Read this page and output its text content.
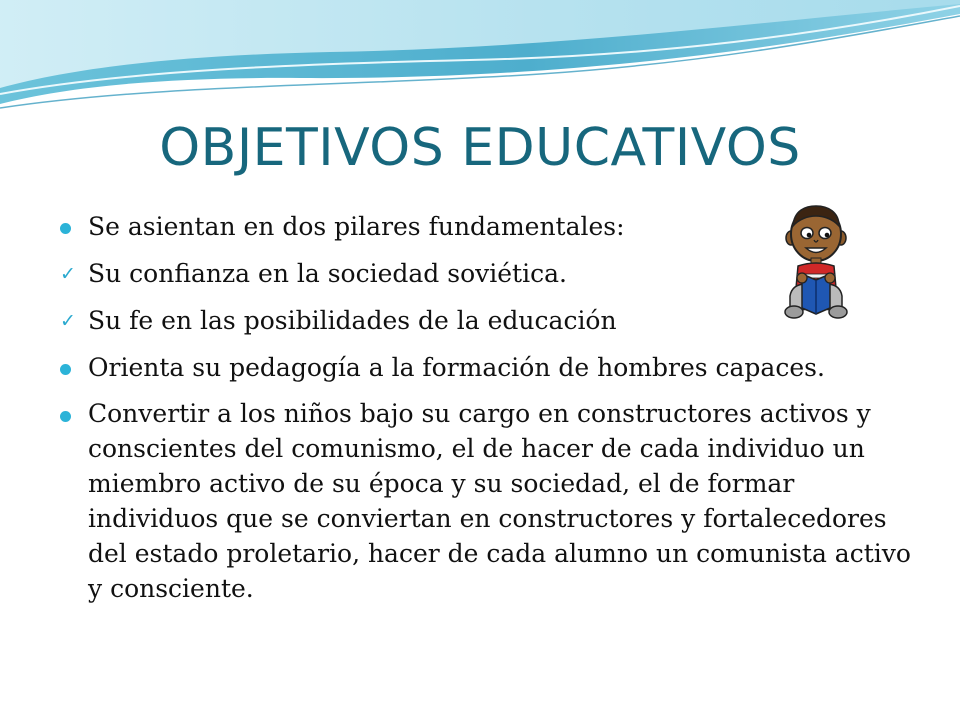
OBJETIVOS EDUCATIVOS
Se asientan en dos pilares fundamentales:
✓ Su confianza en la sociedad soviética.
✓ Su fe en las posibilidades de la educación
Orienta su pedagogía a la formación de hombres capaces.
Convertir a los niños bajo su cargo en constructores activos y conscientes del comunismo, el de hacer de cada individuo un miembro activo de su época y su sociedad, el de formar individuos que se conviertan en constructores y fortalecedores del estado proletario, hacer de cada alumno un comunista activo y consciente.
